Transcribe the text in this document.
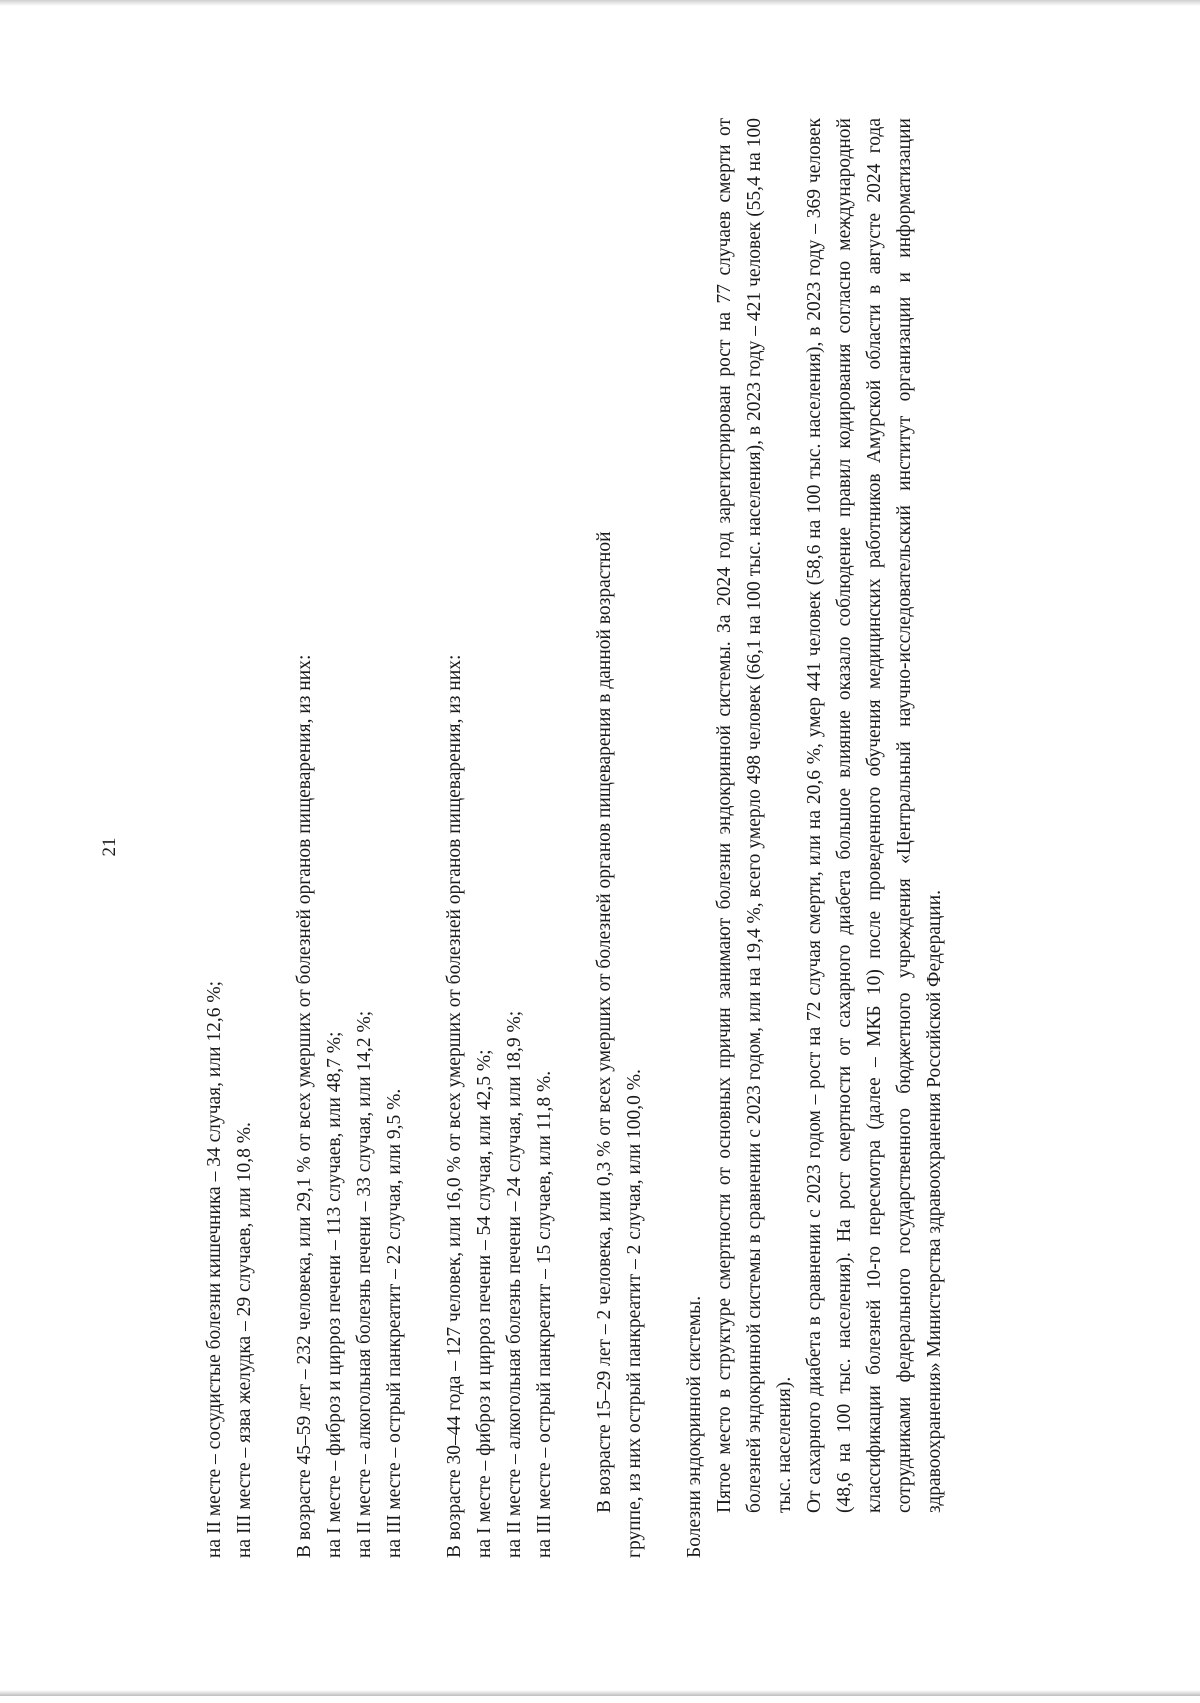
21
на II месте – сосудистые болезни кишечника – 34 случая, или 12,6 %; на III месте – язва желудка – 29 случаев, или 10,8 %. В возрасте 45–59 лет – 232 человека, или 29,1 % от всех умерших от болезней органов пищеварения, из них: на I месте – фиброз и цирроз печени – 113 случаев, или 48,7 %; на II месте – алкогольная болезнь печени – 33 случая, или 14,2 %; на III месте – острый панкреатит – 22 случая, или 9,5 %. В возрасте 30–44 года – 127 человек, или 16,0 % от всех умерших от болезней органов пищеварения, из них: на I месте – фиброз и цирроз печени – 54 случая, или 42,5 %; на II месте – алкогольная болезнь печени – 24 случая, или 18,9 %; на III месте – острый панкреатит – 15 случаев, или 11,8 %. В возрасте 15–29 лет – 2 человека, или 0,3 % от всех умерших от болезней органов пищеварения в данной возрастной группе, из них острый панкреатит – 2 случая, или 100,0 %. Болезни эндокринной системы. Пятое место в структуре смертности от основных причин занимают болезни эндокринной системы. За 2024 год зарегистрирован рост на 77 случаев смерти от болезней эндокринной системы в сравнении с 2023 годом, или на 19,4 %, всего умерло 498 человек (66,1 на 100 тыс. населения), в 2023 году – 421 человек (55,4 на 100 тыс. населения). От сахарного диабета в сравнении с 2023 годом – рост на 72 случая смерти, или на 20,6 %, умер 441 человек (58,6 на 100 тыс. населения), в 2023 году – 369 человек (48,6 на 100 тыс. населения). На рост смертности от сахарного диабета большое влияние оказало соблюдение правил кодирования согласно международной классификации болезней 10-го пересмотра (далее – МКБ 10) после проведенного обучения медицинских работников Амурской области в августе 2024 года сотрудниками федерального государственного бюджетного учреждения «Центральный научно-исследовательский институт организации и информатизации здравоохранения» Министерства здравоохранения Российской Федерации.
